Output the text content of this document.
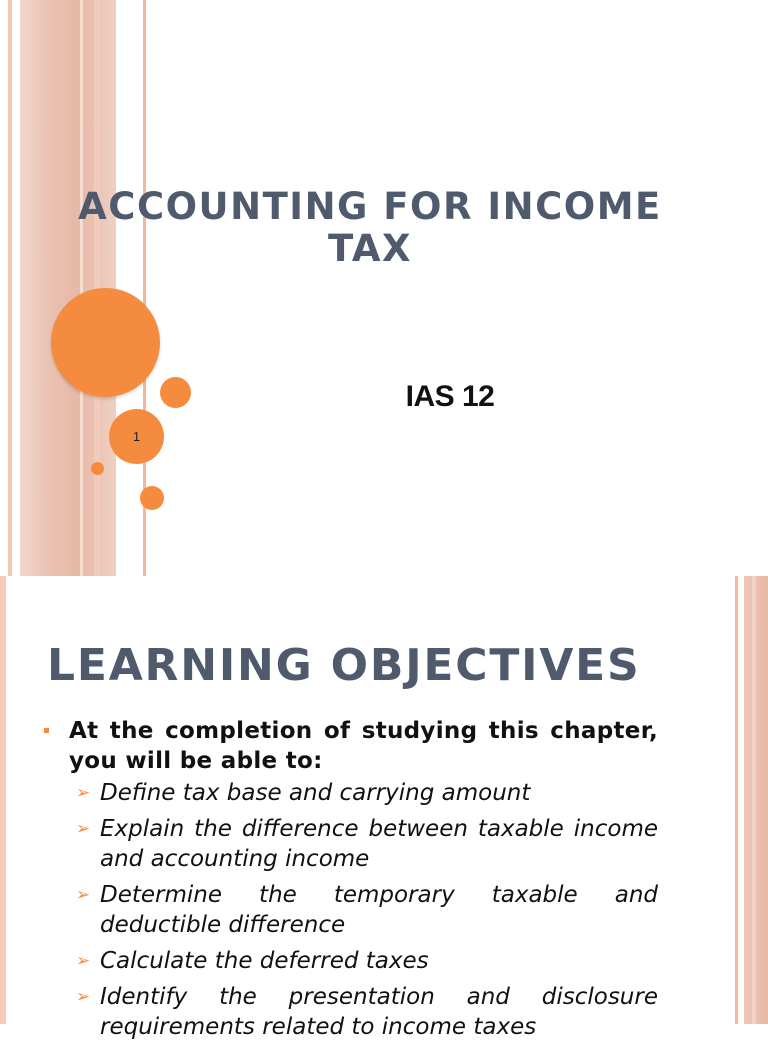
ACCOUNTING FOR INCOME TAX
IAS 12
1
LEARNING OBJECTIVES
At the completion of studying this chapter, you will be able to:
➢ Define tax base and carrying amount
➢ Explain the difference between taxable income and accounting income
➢ Determine the temporary taxable and deductible difference
➢ Calculate the deferred taxes
➢ Identify the presentation and disclosure requirements related to income taxes
